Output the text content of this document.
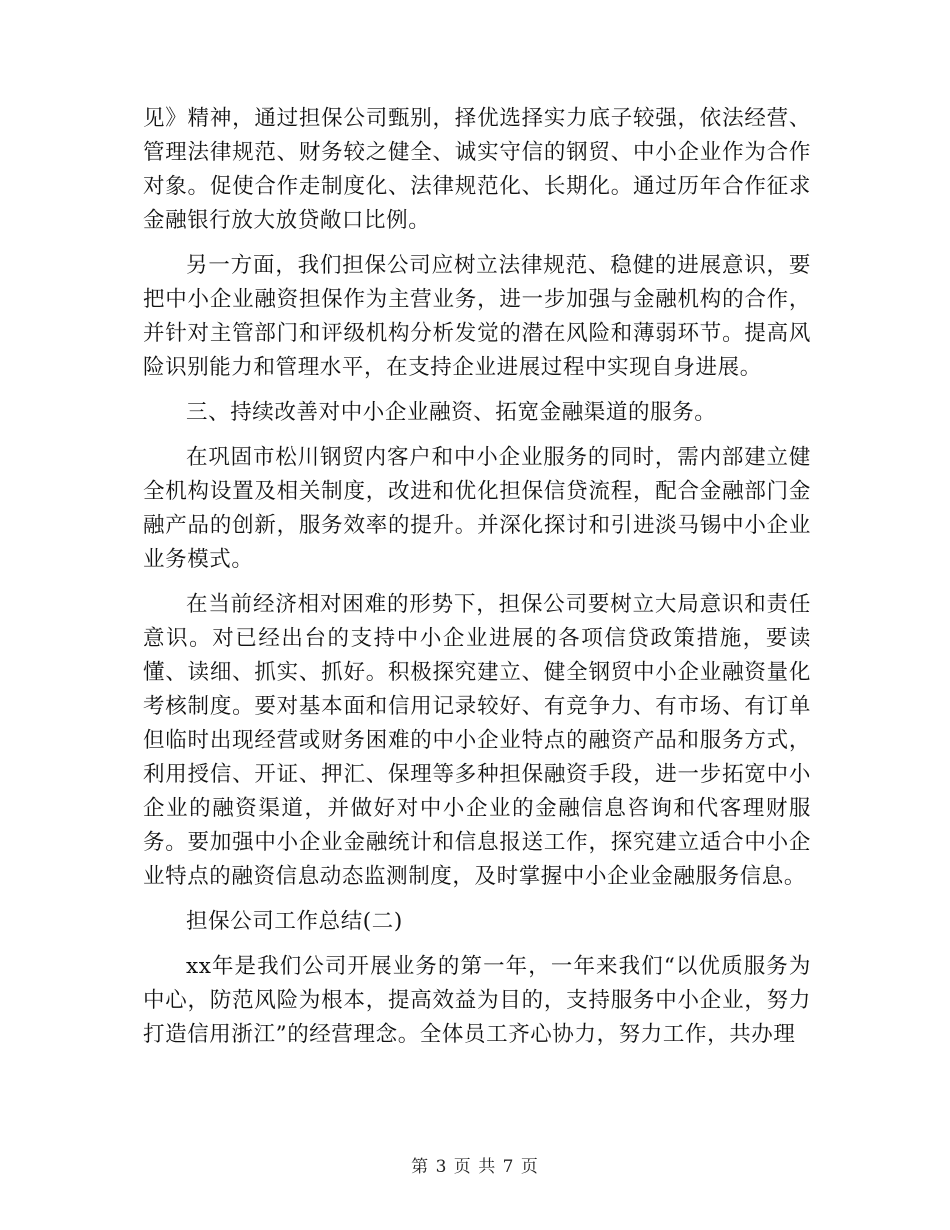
见》精神，通过担保公司甄别，择优选择实力底子较强，依法经营、管理法律规范、财务较之健全、诚实守信的钢贸、中小企业作为合作对象。促使合作走制度化、法律规范化、长期化。通过历年合作征求金融银行放大放贷敞口比例。

另一方面，我们担保公司应树立法律规范、稳健的进展意识，要把中小企业融资担保作为主营业务，进一步加强与金融机构的合作，并针对主管部门和评级机构分析发觉的潜在风险和薄弱环节。提高风险识别能力和管理水平，在支持企业进展过程中实现自身进展。

三、持续改善对中小企业融资、拓宽金融渠道的服务。

在巩固市松川钢贸内客户和中小企业服务的同时，需内部建立健全机构设置及相关制度，改进和优化担保信贷流程，配合金融部门金融产品的创新，服务效率的提升。并深化探讨和引进淡马锡中小企业业务模式。

在当前经济相对困难的形势下，担保公司要树立大局意识和责任意识。对已经出台的支持中小企业进展的各项信贷政策措施，要读懂、读细、抓实、抓好。积极探究建立、健全钢贸中小企业融资量化考核制度。要对基本面和信用记录较好、有竞争力、有市场、有订单但临时出现经营或财务困难的中小企业特点的融资产品和服务方式，利用授信、开证、押汇、保理等多种担保融资手段，进一步拓宽中小企业的融资渠道，并做好对中小企业的金融信息咨询和代客理财服务。要加强中小企业金融统计和信息报送工作，探究建立适合中小企业特点的融资信息动态监测制度，及时掌握中小企业金融服务信息。

担保公司工作总结(二)

xx年是我们公司开展业务的第一年，一年来我们“以优质服务为中心，防范风险为根本，提高效益为目的，支持服务中小企业，努力打造信用浙江”的经营理念。全体员工齐心协力，努力工作，共办理

第 3 页 共 7 页
